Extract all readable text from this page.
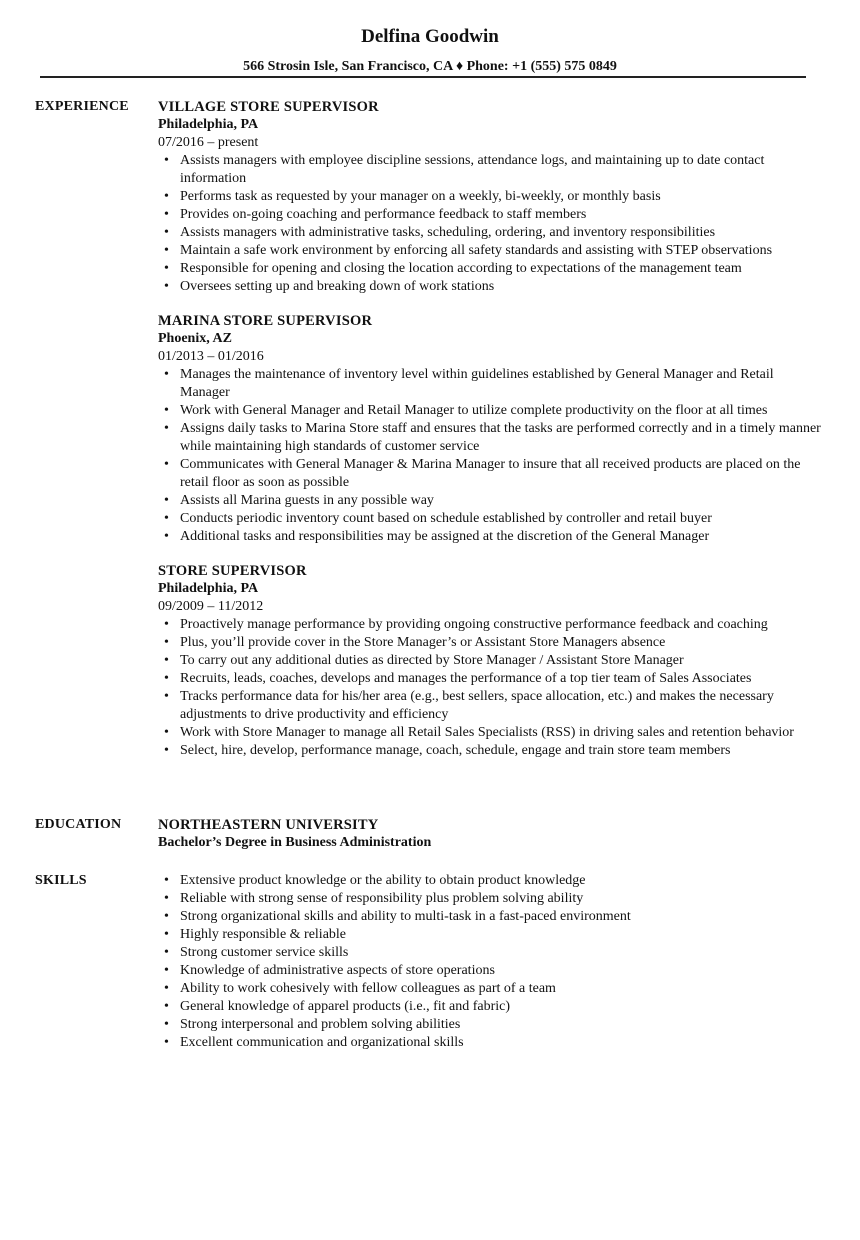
Delfina Goodwin
566 Strosin Isle, San Francisco, CA ♦ Phone: +1 (555) 575 0849
EXPERIENCE	VILLAGE STORE SUPERVISOR
Philadelphia, PA
07/2016 – present
• Assists managers with employee discipline sessions, attendance logs, and maintaining up to date contact information
• Performs task as requested by your manager on a weekly, bi-weekly, or monthly basis
• Provides on-going coaching and performance feedback to staff members
• Assists managers with administrative tasks, scheduling, ordering, and inventory responsibilities
• Maintain a safe work environment by enforcing all safety standards and assisting with STEP observations
• Responsible for opening and closing the location according to expectations of the management team
• Oversees setting up and breaking down of work stations
MARINA STORE SUPERVISOR
Phoenix, AZ
01/2013 – 01/2016
• Manages the maintenance of inventory level within guidelines established by General Manager and Retail Manager
• Work with General Manager and Retail Manager to utilize complete productivity on the floor at all times
• Assigns daily tasks to Marina Store staff and ensures that the tasks are performed correctly and in a timely manner while maintaining high standards of customer service
• Communicates with General Manager & Marina Manager to insure that all received products are placed on the retail floor as soon as possible
• Assists all Marina guests in any possible way
• Conducts periodic inventory count based on schedule established by controller and retail buyer
• Additional tasks and responsibilities may be assigned at the discretion of the General Manager
STORE SUPERVISOR
Philadelphia, PA
09/2009 – 11/2012
• Proactively manage performance by providing ongoing constructive performance feedback and coaching
• Plus, you’ll provide cover in the Store Manager’s or Assistant Store Managers absence
• To carry out any additional duties as directed by Store Manager / Assistant Store Manager
• Recruits, leads, coaches, develops and manages the performance of a top tier team of Sales Associates
• Tracks performance data for his/her area (e.g., best sellers, space allocation, etc.) and makes the necessary adjustments to drive productivity and efficiency
• Work with Store Manager to manage all Retail Sales Specialists (RSS) in driving sales and retention behavior
• Select, hire, develop, performance manage, coach, schedule, engage and train store team members
EDUCATION	NORTHEASTERN UNIVERSITY
Bachelor’s Degree in Business Administration
SKILLS
•	Extensive product knowledge or the ability to obtain product knowledge
• Reliable with strong sense of responsibility plus problem solving ability
• Strong organizational skills and ability to multi-task in a fast-paced environment
• Highly responsible & reliable
• Strong customer service skills
• Knowledge of administrative aspects of store operations
• Ability to work cohesively with fellow colleagues as part of a team
• General knowledge of apparel products (i.e., fit and fabric)
• Strong interpersonal and problem solving abilities
• Excellent communication and organizational skills
